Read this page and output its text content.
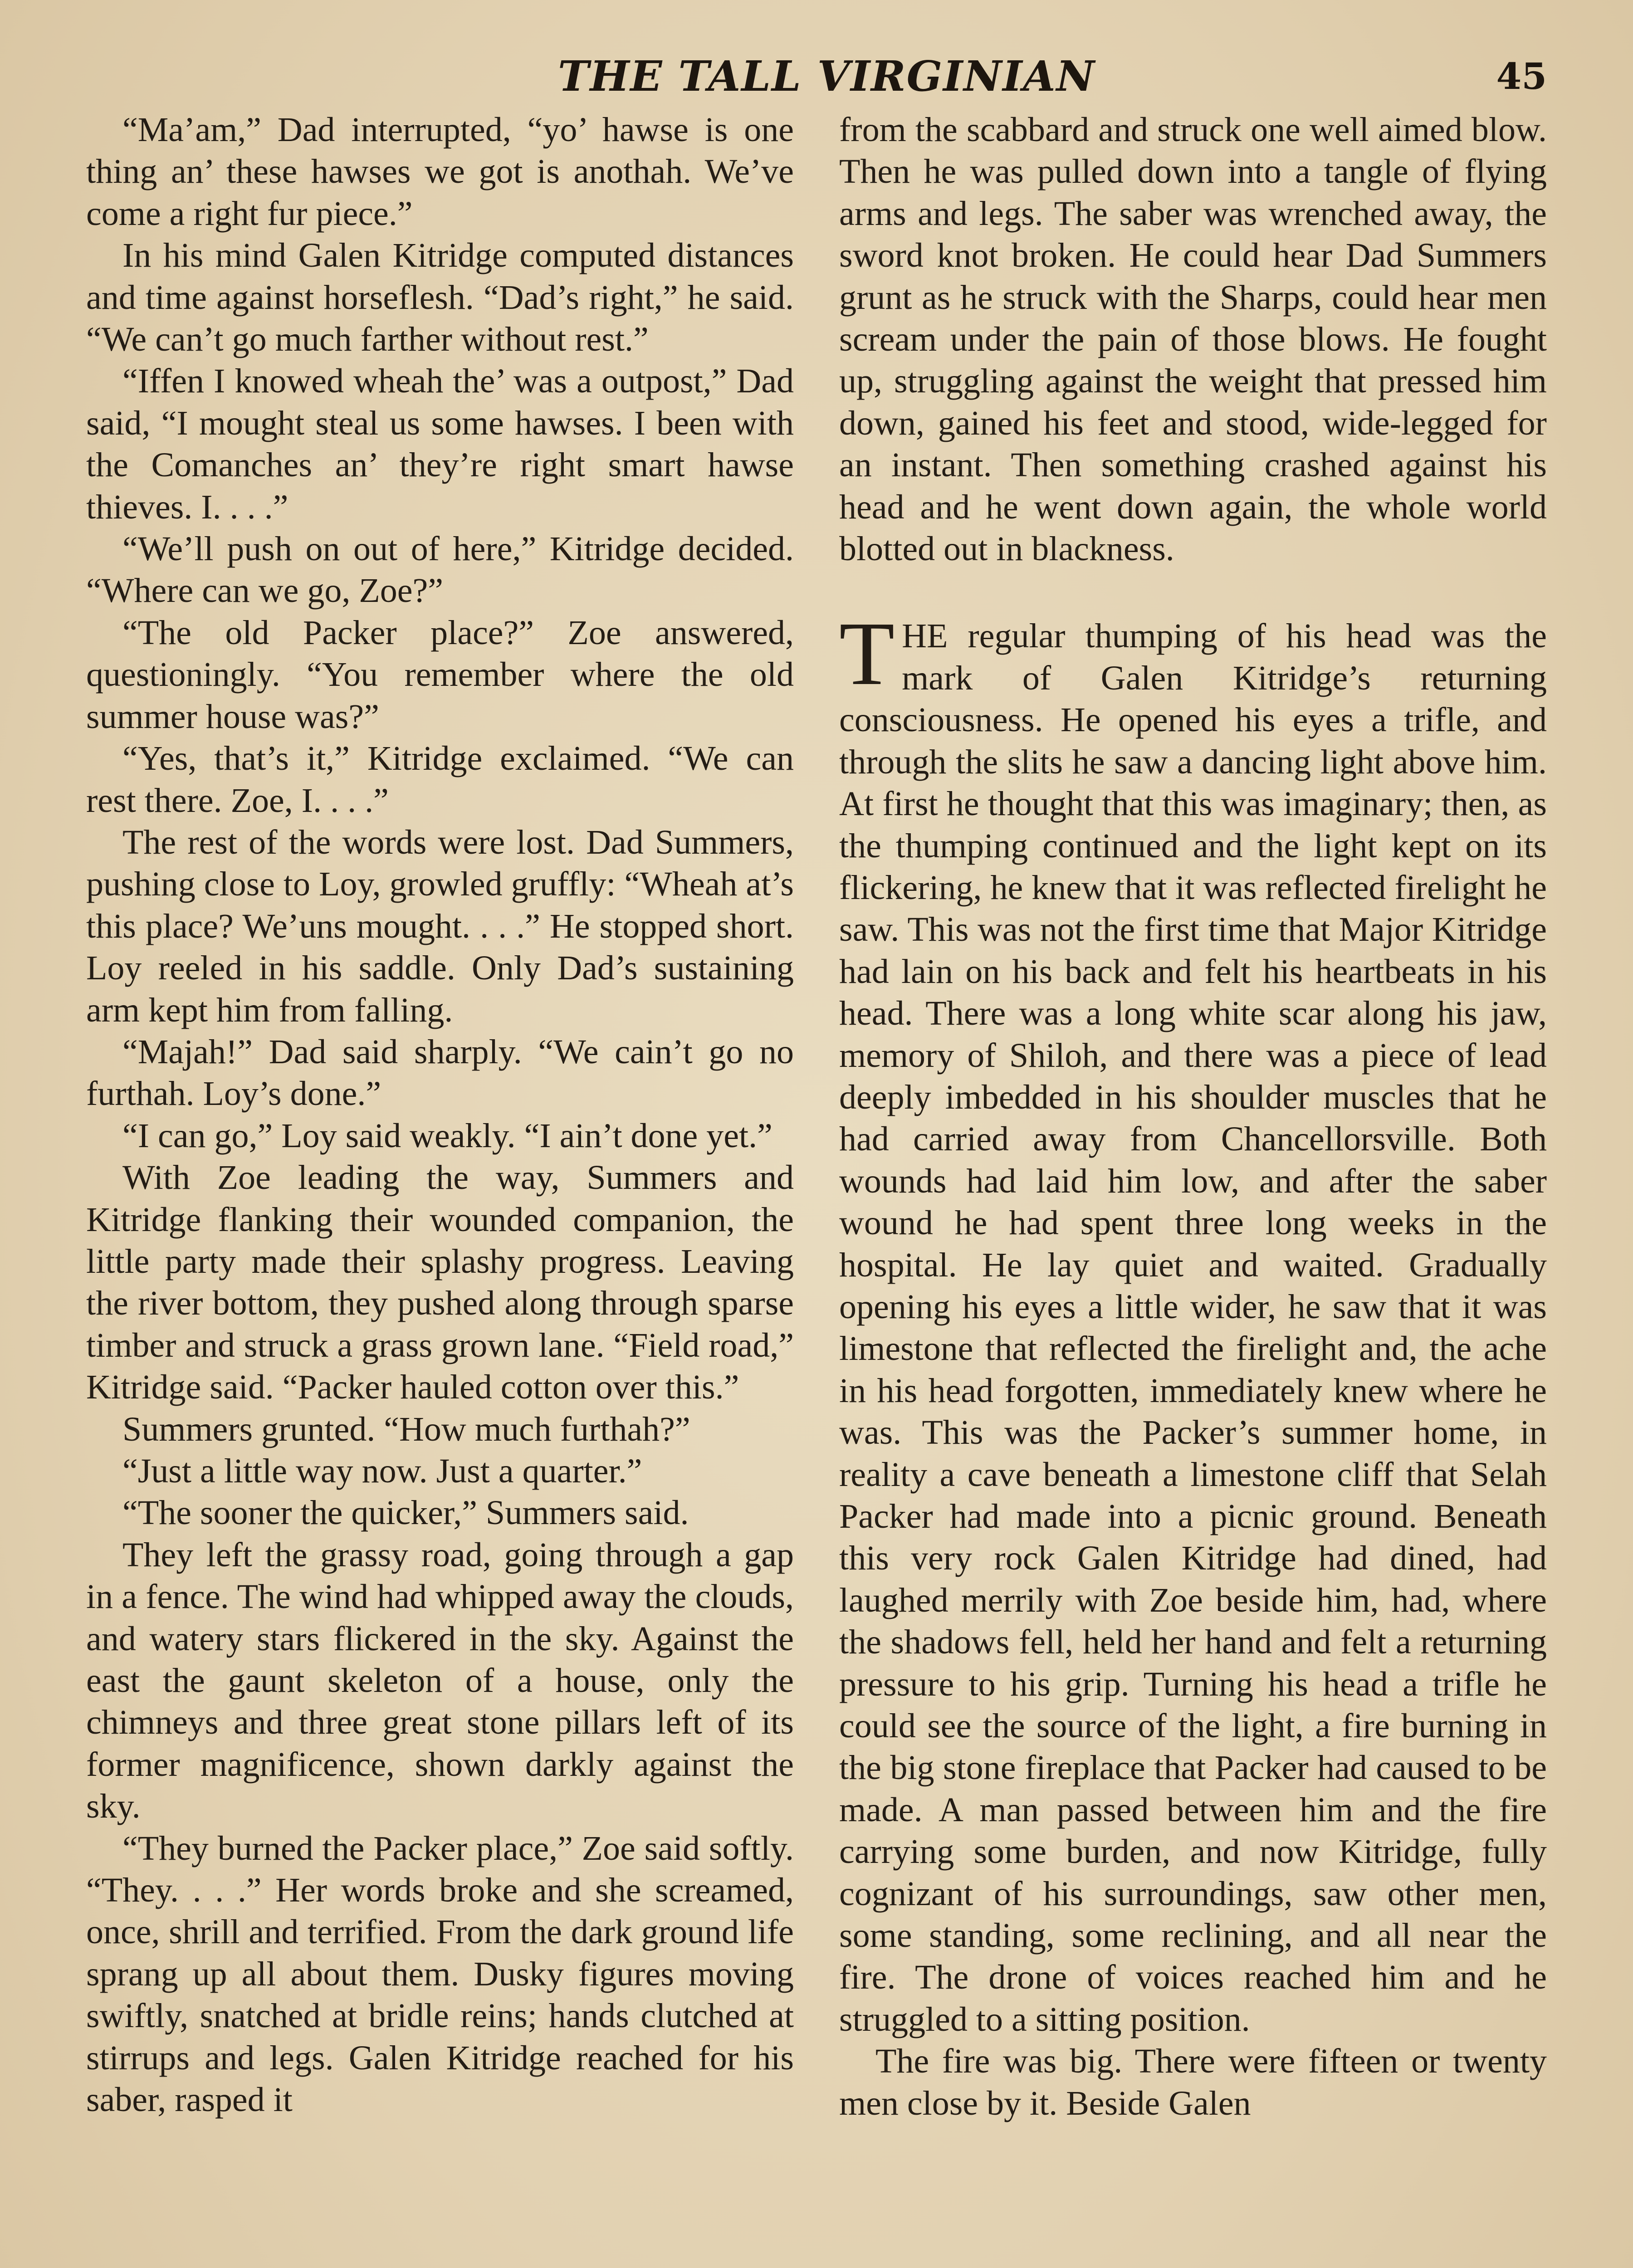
THE TALL VIRGINIAN	45

“Ma’am,” Dad interrupted, “yo’ hawse is one thing an’ these hawses we got is anothah. We’ve come a right fur piece.”

In his mind Galen Kitridge computed distances and time against horseflesh. “Dad’s right,” he said. “We can’t go much farther without rest.”

“Iffen I knowed wheah the’ was a outpost,” Dad said, “I mought steal us some hawses. I been with the Comanches an’ they’re right smart hawse thieves. I. . . .”

“We’ll push on out of here,” Kitridge decided. “Where can we go, Zoe?”

“The old Packer place?” Zoe answered, questioningly. “You remember where the old summer house was?”

“Yes, that’s it,” Kitridge exclaimed. “We can rest there. Zoe, I. . . .”

The rest of the words were lost. Dad Summers, pushing close to Loy, growled gruffly: “Wheah at’s this place? We’uns mought. . . .” He stopped short. Loy reeled in his saddle. Only Dad’s sustaining arm kept him from falling.

“Majah!” Dad said sharply. “We cain’t go no furthah. Loy’s done.”

“I can go,” Loy said weakly. “I ain’t done yet.”

With Zoe leading the way, Summers and Kitridge flanking their wounded companion, the little party made their splashy progress. Leaving the river bottom, they pushed along through sparse timber and struck a grass grown lane. “Field road,” Kitridge said. “Packer hauled cotton over this.”

Summers grunted. “How much furthah?”

“Just a little way now. Just a quarter.”

“The sooner the quicker,” Summers said.

They left the grassy road, going through a gap in a fence. The wind had whipped away the clouds, and watery stars flickered in the sky. Against the east the gaunt skeleton of a house, only the chimneys and three great stone pillars left of its former magnificence, shown darkly against the sky.

“They burned the Packer place,” Zoe said softly. “They. . . .” Her words broke and she screamed, once, shrill and terrified. From the dark ground life sprang up all about them. Dusky figures moving swiftly, snatched at bridle reins; hands clutched at stirrups and legs. Galen Kitridge reached for his saber, rasped it

from the scabbard and struck one well aimed blow. Then he was pulled down into a tangle of flying arms and legs. The saber was wrenched away, the sword knot broken. He could hear Dad Summers grunt as he struck with the Sharps, could hear men scream under the pain of those blows. He fought up, struggling against the weight that pressed him down, gained his feet and stood, wide-legged for an instant. Then something crashed against his head and he went down again, the whole world blotted out in blackness.

THE regular thumping of his head was the mark of Galen Kitridge’s returning consciousness. He opened his eyes a trifle, and through the slits he saw a dancing light above him. At first he thought that this was imaginary; then, as the thumping continued and the light kept on its flickering, he knew that it was reflected firelight he saw. This was not the first time that Major Kitridge had lain on his back and felt his heartbeats in his head. There was a long white scar along his jaw, memory of Shiloh, and there was a piece of lead deeply imbedded in his shoulder muscles that he had carried away from Chancellorsville. Both wounds had laid him low, and after the saber wound he had spent three long weeks in the hospital. He lay quiet and waited. Gradually opening his eyes a little wider, he saw that it was limestone that reflected the firelight and, the ache in his head forgotten, immediately knew where he was. This was the Packer’s summer home, in reality a cave beneath a limestone cliff that Selah Packer had made into a picnic ground. Beneath this very rock Galen Kitridge had dined, had laughed merrily with Zoe beside him, had, where the shadows fell, held her hand and felt a returning pressure to his grip. Turning his head a trifle he could see the source of the light, a fire burning in the big stone fireplace that Packer had caused to be made. A man passed between him and the fire carrying some burden, and now Kitridge, fully cognizant of his surroundings, saw other men, some standing, some reclining, and all near the fire. The drone of voices reached him and he struggled to a sitting position.

The fire was big. There were fifteen or twenty men close by it. Beside Galen
